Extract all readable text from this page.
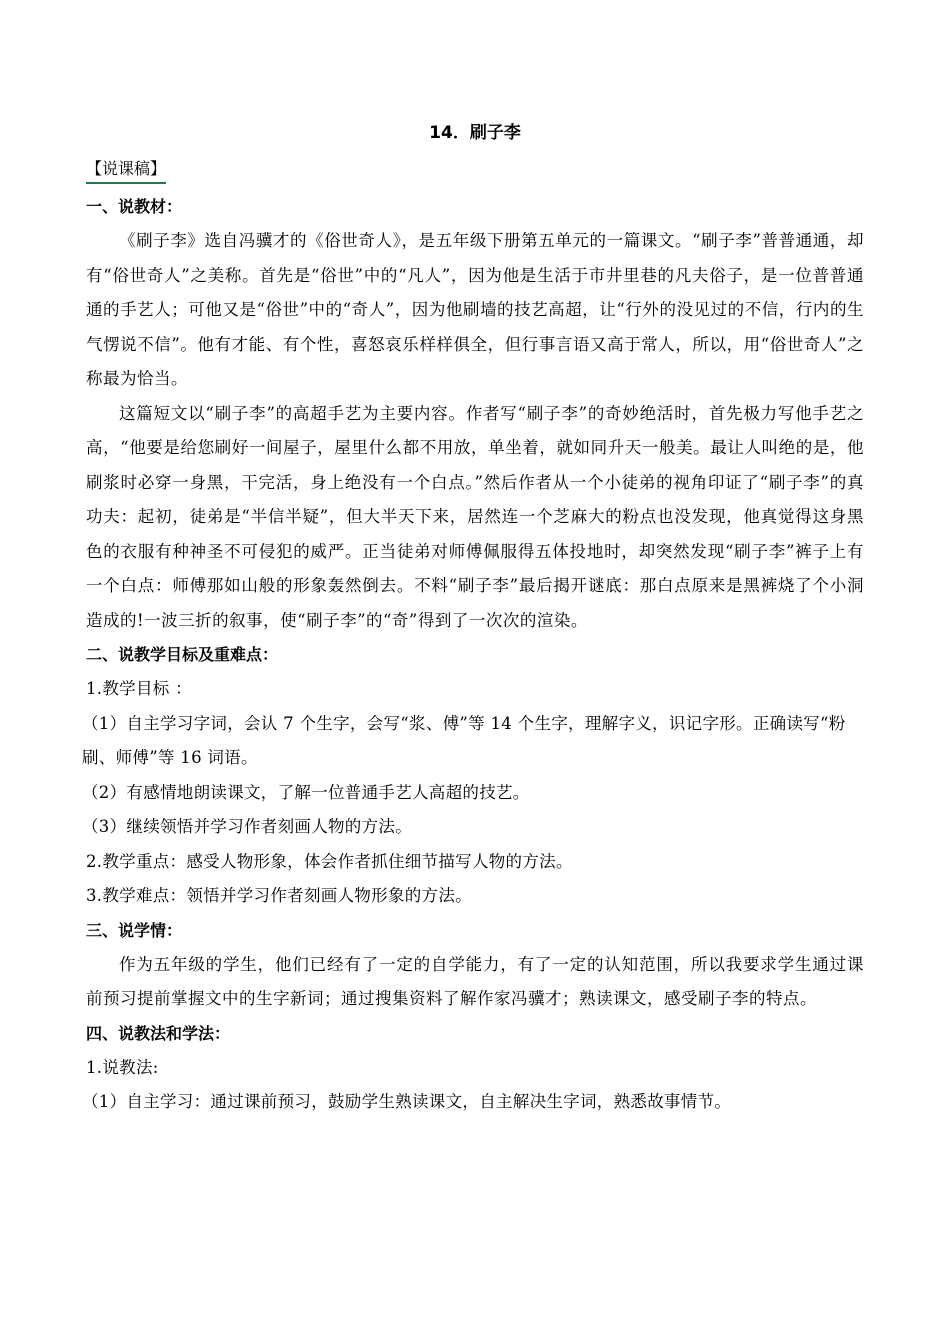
14．刷子李
【说课稿】

一、说教材：

《刷子李》选自冯骥才的《俗世奇人》，是五年级下册第五单元的一篇课文。“刷子李”普普通通，却有“俗世奇人”之美称。首先是“俗世”中的“凡人”，因为他是生活于市井里巷的凡夫俗子，是一位普普通通的手艺人；可他又是“俗世”中的“奇人”，因为他刷墙的技艺高超，让“行外的没见过的不信，行内的生气愣说不信”。他有才能、有个性，喜怒哀乐样样俱全，但行事言语又高于常人，所以，用“俗世奇人”之称最为恰当。

这篇短文以“刷子李”的高超手艺为主要内容。作者写“刷子李”的奇妙绝活时，首先极力写他手艺之高，“他要是给您刷好一间屋子，屋里什么都不用放，单坐着，就如同升天一般美。最让人叫绝的是，他刷浆时必穿一身黑，干完活，身上绝没有一个白点。”然后作者从一个小徒弟的视角印证了“刷子李”的真功夫：起初，徒弟是“半信半疑”，但大半天下来，居然连一个芝麻大的粉点也没发现，他真觉得这身黑色的衣服有种神圣不可侵犯的威严。正当徒弟对师傅佩服得五体投地时，却突然发现“刷子李”裤子上有一个白点：师傅那如山般的形象轰然倒去。不料“刷子李”最后揭开谜底：那白点原来是黑裤烧了个小洞造成的!一波三折的叙事，使“刷子李”的“奇”得到了一次次的渲染。

二、说教学目标及重难点：

1.教学目标 ：

（1）自主学习字词，会认 7 个生字，会写“浆、傅”等 14 个生字，理解字义，识记字形。正确读写“粉刷、师傅”等 16 词语。

（2）有感情地朗读课文，了解一位普通手艺人高超的技艺。

（3）继续领悟并学习作者刻画人物的方法。

2.教学重点：感受人物形象，体会作者抓住细节描写人物的方法。

3.教学难点：领悟并学习作者刻画人物形象的方法。

三、说学情：

作为五年级的学生，他们已经有了一定的自学能力，有了一定的认知范围，所以我要求学生通过课前预习提前掌握文中的生字新词；通过搜集资料了解作家冯骥才；熟读课文，感受刷子李的特点。

四、说教法和学法：

1.说教法:

（1）自主学习：通过课前预习，鼓励学生熟读课文，自主解决生字词，熟悉故事情节。
